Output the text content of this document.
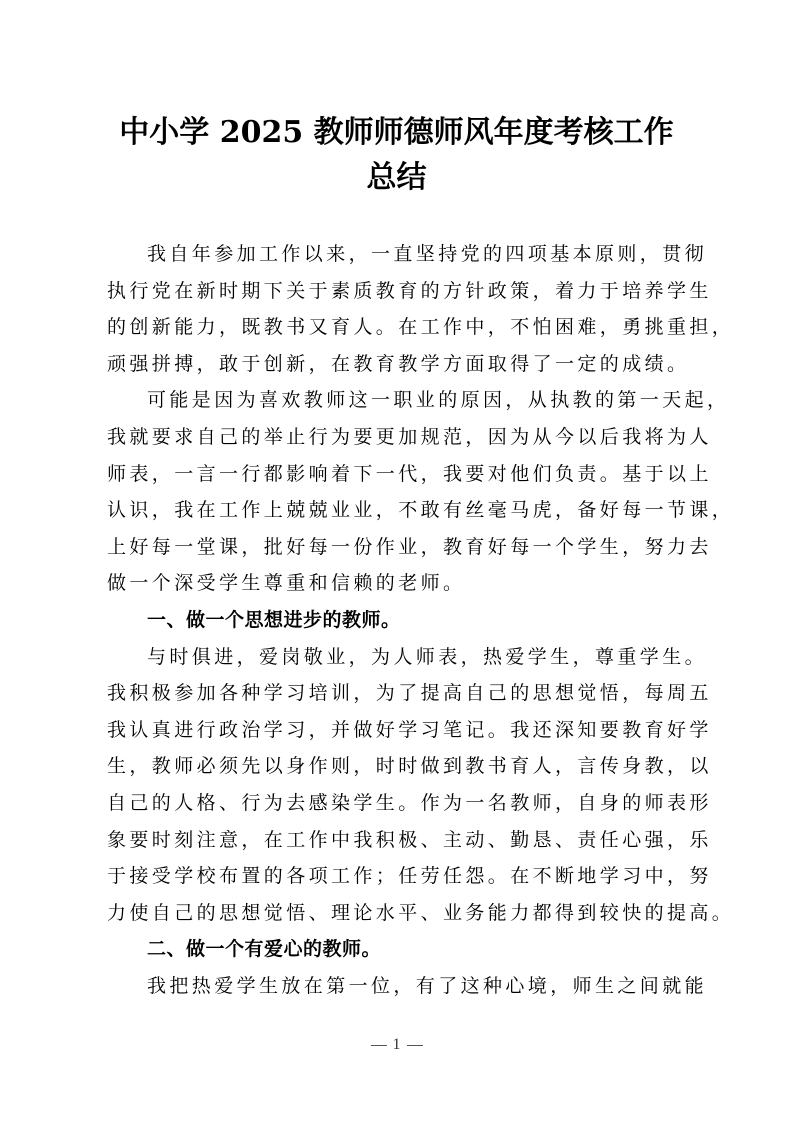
中小学 2025 教师师德师风年度考核工作
总结
我自年参加工作以来，一直坚持党的四项基本原则，贯彻
执行党在新时期下关于素质教育的方针政策，着力于培养学生
的创新能力，既教书又育人。在工作中，不怕困难，勇挑重担，
顽强拼搏，敢于创新，在教育教学方面取得了一定的成绩。
可能是因为喜欢教师这一职业的原因，从执教的第一天起，
我就要求自己的举止行为要更加规范，因为从今以后我将为人
师表，一言一行都影响着下一代，我要对他们负责。基于以上
认识，我在工作上兢兢业业，不敢有丝毫马虎，备好每一节课，
上好每一堂课，批好每一份作业，教育好每一个学生，努力去
做一个深受学生尊重和信赖的老师。
一、做一个思想进步的教师。
与时俱进，爱岗敬业，为人师表，热爱学生，尊重学生。
我积极参加各种学习培训，为了提高自己的思想觉悟，每周五
我认真进行政治学习，并做好学习笔记。我还深知要教育好学
生，教师必须先以身作则，时时做到教书育人，言传身教，以
自己的人格、行为去感染学生。作为一名教师，自身的师表形
象要时刻注意，在工作中我积极、主动、勤恳、责任心强，乐
于接受学校布置的各项工作；任劳任怨。在不断地学习中，努
力使自己的思想觉悟、理论水平、业务能力都得到较快的提高。
二、做一个有爱心的教师。
我把热爱学生放在第一位，有了这种心境，师生之间就能
1
